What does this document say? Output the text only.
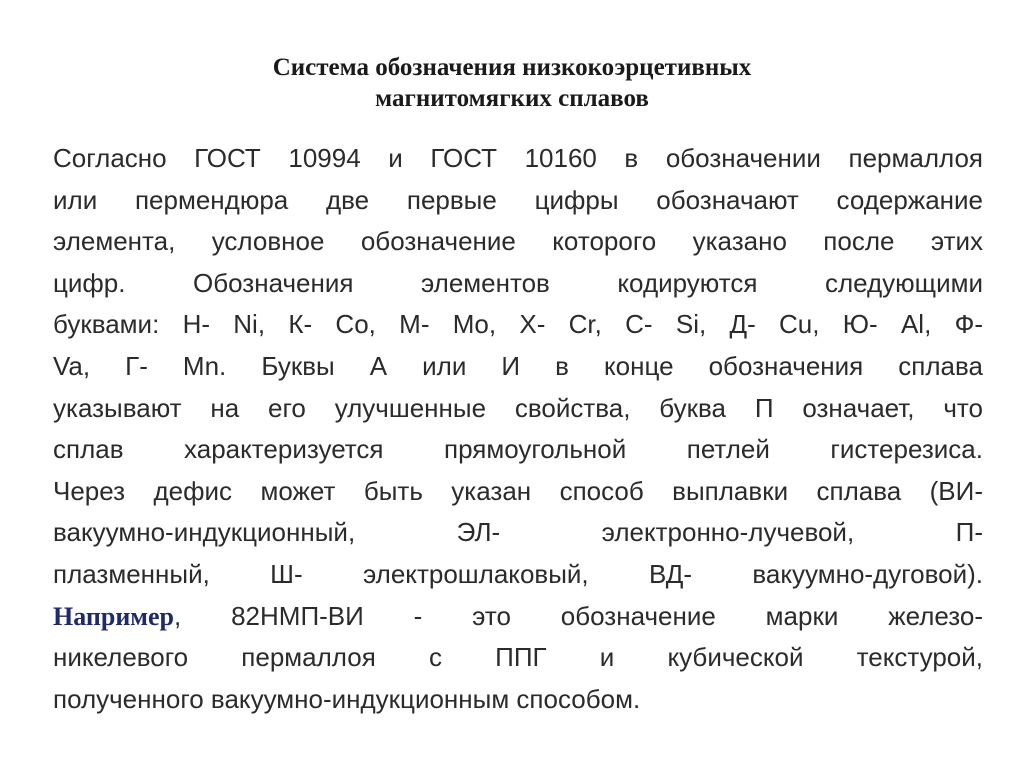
Система обозначения низкокоэрцетивных
магнитомягких сплавов
Согласно ГОСТ 10994 и ГОСТ 10160 в обозначении пермаллоя
или пермендюра две первые цифры обозначают содержание
элемента, условное обозначение которого указано после этих
цифр. Обозначения элементов кодируются следующими
буквами: Н- Ni, К- Co, М- Mo, Х- Cr, С- Si, Д- Cu, Ю- Al, Ф-
Va, Г- Mn. Буквы А или И в конце обозначения сплава
указывают на его улучшенные свойства, буква П означает, что
сплав характеризуется прямоугольной петлей гистерезиса.
Через дефис может быть указан способ выплавки сплава (ВИ-
вакуумно-индукционный, ЭЛ- электронно-лучевой, П-
плазменный, Ш- электрошлаковый, ВД- вакуумно-дуговой).
Например, 82НМП-ВИ - это обозначение марки железо-
никелевого пермаллоя с ППГ и кубической текстурой,
полученного вакуумно-индукционным способом.
